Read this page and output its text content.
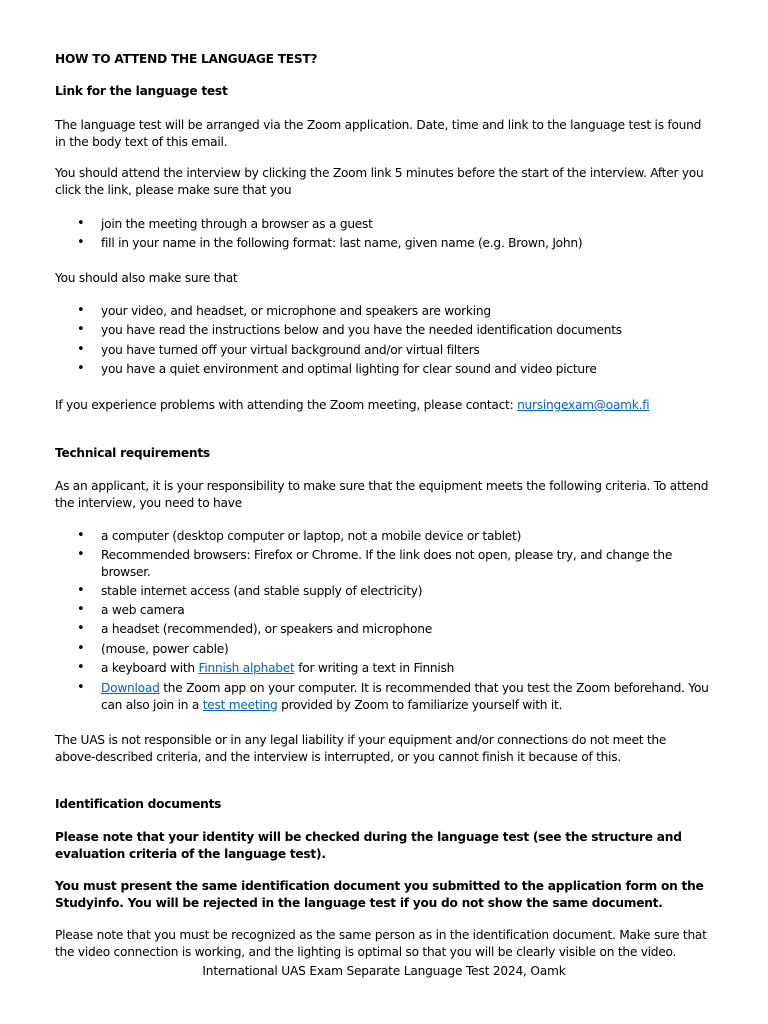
HOW TO ATTEND THE LANGUAGE TEST?
Link for the language test
The language test will be arranged via the Zoom application. Date, time and link to the language test is found in the body text of this email.
You should attend the interview by clicking the Zoom link 5 minutes before the start of the interview. After you click the link, please make sure that you
• join the meeting through a browser as a guest
• fill in your name in the following format: last name, given name (e.g. Brown, John)
You should also make sure that
• your video, and headset, or microphone and speakers are working
• you have read the instructions below and you have the needed identification documents
• you have turned off your virtual background and/or virtual filters
• you have a quiet environment and optimal lighting for clear sound and video picture
If you experience problems with attending the Zoom meeting, please contact: nursingexam@oamk.fi
Technical requirements
As an applicant, it is your responsibility to make sure that the equipment meets the following criteria. To attend the interview, you need to have
• a computer (desktop computer or laptop, not a mobile device or tablet)
• Recommended browsers: Firefox or Chrome. If the link does not open, please try, and change the browser.
• stable internet access (and stable supply of electricity)
• a web camera
• a headset (recommended), or speakers and microphone
• (mouse, power cable)
• a keyboard with Finnish alphabet for writing a text in Finnish
• Download the Zoom app on your computer. It is recommended that you test the Zoom beforehand. You can also join in a test meeting provided by Zoom to familiarize yourself with it.
The UAS is not responsible or in any legal liability if your equipment and/or connections do not meet the above-described criteria, and the interview is interrupted, or you cannot finish it because of this.
Identification documents
Please note that your identity will be checked during the language test (see the structure and evaluation criteria of the language test).
You must present the same identification document you submitted to the application form on the Studyinfo. You will be rejected in the language test if you do not show the same document.
Please note that you must be recognized as the same person as in the identification document. Make sure that the video connection is working, and the lighting is optimal so that you will be clearly visible on the video.
International UAS Exam Separate Language Test 2024, Oamk
